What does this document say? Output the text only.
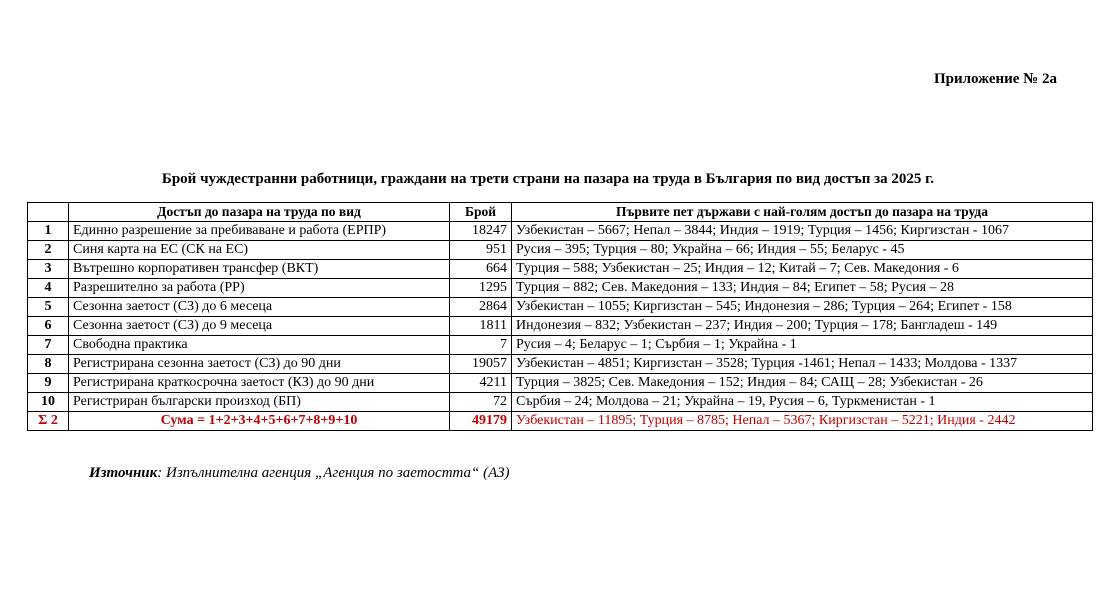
Приложение № 2а
Брой чуждестранни работници, граждани на трети страни на пазара на труда в България по вид достъп за 2025 г.
	Достъп до пазара на труда по вид	Брой	Първите пет държави с най-голям достъп до пазара на труда
1	Единно разрешение за пребиваване и работа (ЕРПР)	18247	Узбекистан – 5667; Непал – 3844; Индия – 1919; Турция – 1456; Киргизстан - 1067
2	Синя карта на ЕС (СК на ЕС)	951	Русия – 395; Турция – 80; Украйна – 66; Индия – 55; Беларус - 45
3	Вътрешно корпоративен трансфер (ВКТ)	664	Турция – 588; Узбекистан – 25; Индия – 12; Китай – 7; Сев. Македония - 6
4	Разрешително за работа (РР)	1295	Турция – 882; Сев. Македония – 133; Индия – 84; Египет – 58; Русия – 28
5	Сезонна заетост (СЗ) до 6 месеца	2864	Узбекистан – 1055; Киргизстан – 545; Индонезия – 286; Турция – 264; Египет - 158
6	Сезонна заетост (СЗ) до 9 месеца	1811	Индонезия – 832; Узбекистан – 237; Индия – 200; Турция – 178; Бангладеш - 149
7	Свободна практика	7	Русия – 4; Беларус – 1; Сърбия – 1; Украйна - 1
8	Регистрирана сезонна заетост (СЗ) до 90 дни	19057	Узбекистан – 4851; Киргизстан – 3528; Турция -1461; Непал – 1433; Молдова - 1337
9	Регистрирана краткосрочна заетост (КЗ) до 90 дни	4211	Турция – 3825; Сев. Македония – 152; Индия – 84; САЩ – 28; Узбекистан - 26
10	Регистриран български произход (БП)	72	Сърбия – 24; Молдова – 21; Украйна – 19, Русия – 6, Туркменистан - 1
Σ 2	Сума = 1+2+3+4+5+6+7+8+9+10	49179	Узбекистан – 11895; Турция – 8785; Непал – 5367; Киргизстан – 5221; Индия - 2442
Източник: Изпълнителна агенция „Агенция по заетостта“ (АЗ)
